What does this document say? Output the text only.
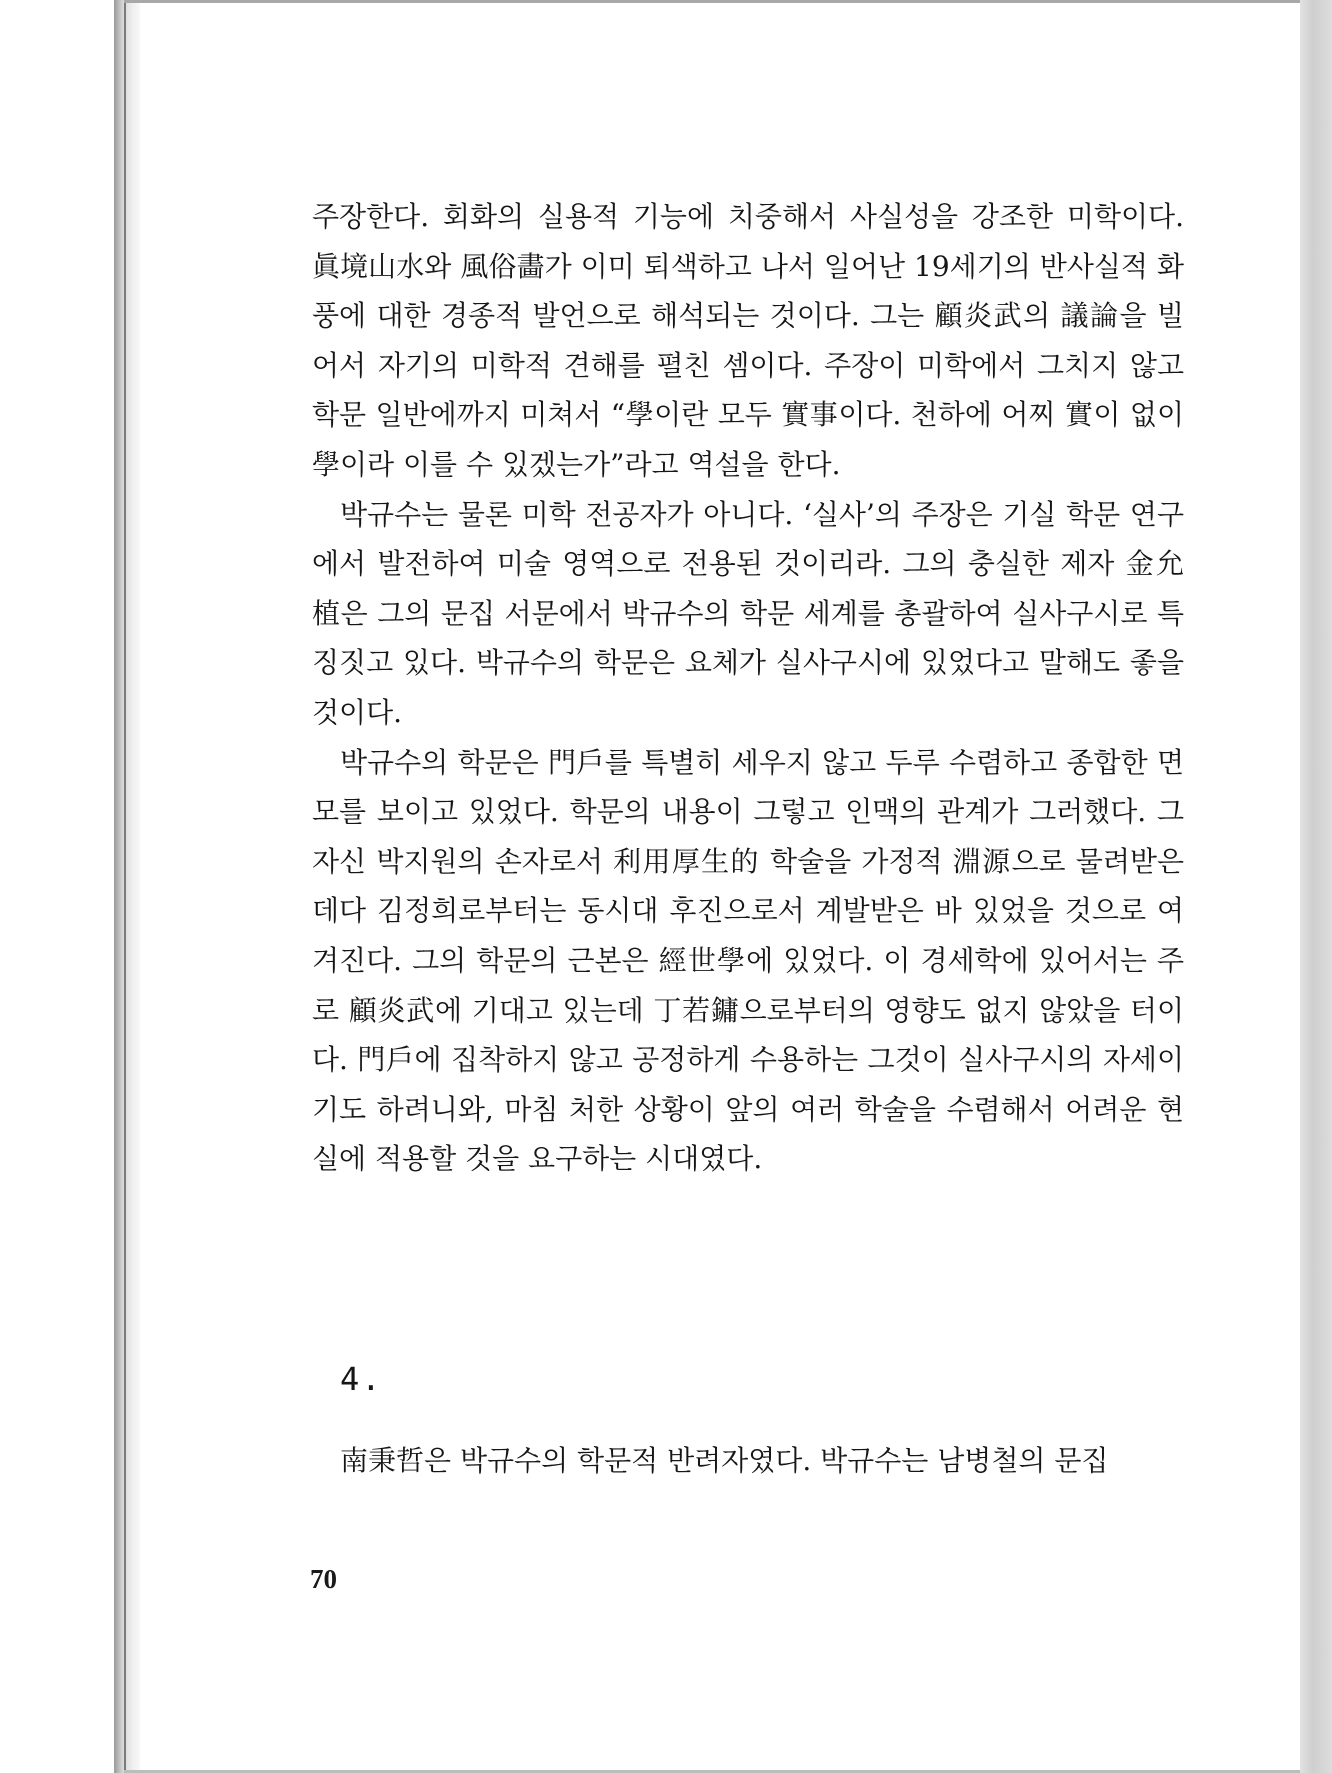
주장한다. 회화의 실용적 기능에 치중해서 사실성을 강조한 미학이다. 眞境山水와 風俗畵가 이미 퇴색하고 나서 일어난 19세기의 반사실적 화풍에 대한 경종적 발언으로 해석되는 것이다. 그는 顧炎武의 議論을 빌어서 자기의 미학적 견해를 펼친 셈이다. 주장이 미학에서 그치지 않고 학문 일반에까지 미쳐서 “學이란 모두 實事이다. 천하에 어찌 實이 없이 學이라 이를 수 있겠는가”라고 역설을 한다.

박규수는 물론 미학 전공자가 아니다. ‘실사’의 주장은 기실 학문 연구에서 발전하여 미술 영역으로 전용된 것이리라. 그의 충실한 제자 金允植은 그의 문집 서문에서 박규수의 학문 세계를 총괄하여 실사구시로 특징짓고 있다. 박규수의 학문은 요체가 실사구시에 있었다고 말해도 좋을 것이다.

박규수의 학문은 門戶를 특별히 세우지 않고 두루 수렴하고 종합한 면모를 보이고 있었다. 학문의 내용이 그렇고 인맥의 관계가 그러했다. 그 자신 박지원의 손자로서 利用厚生的 학술을 가정적 淵源으로 물려받은데다 김정희로부터는 동시대 후진으로서 계발받은 바 있었을 것으로 여겨진다. 그의 학문의 근본은 經世學에 있었다. 이 경세학에 있어서는 주로 顧炎武에 기대고 있는데 丁若鏞으로부터의 영향도 없지 않았을 터이다. 門戶에 집착하지 않고 공정하게 수용하는 그것이 실사구시의 자세이기도 하려니와, 마침 처한 상황이 앞의 여러 학술을 수렴해서 어려운 현실에 적용할 것을 요구하는 시대였다.

4.
南秉哲은 박규수의 학문적 반려자였다. 박규수는 남병철의 문집
70
